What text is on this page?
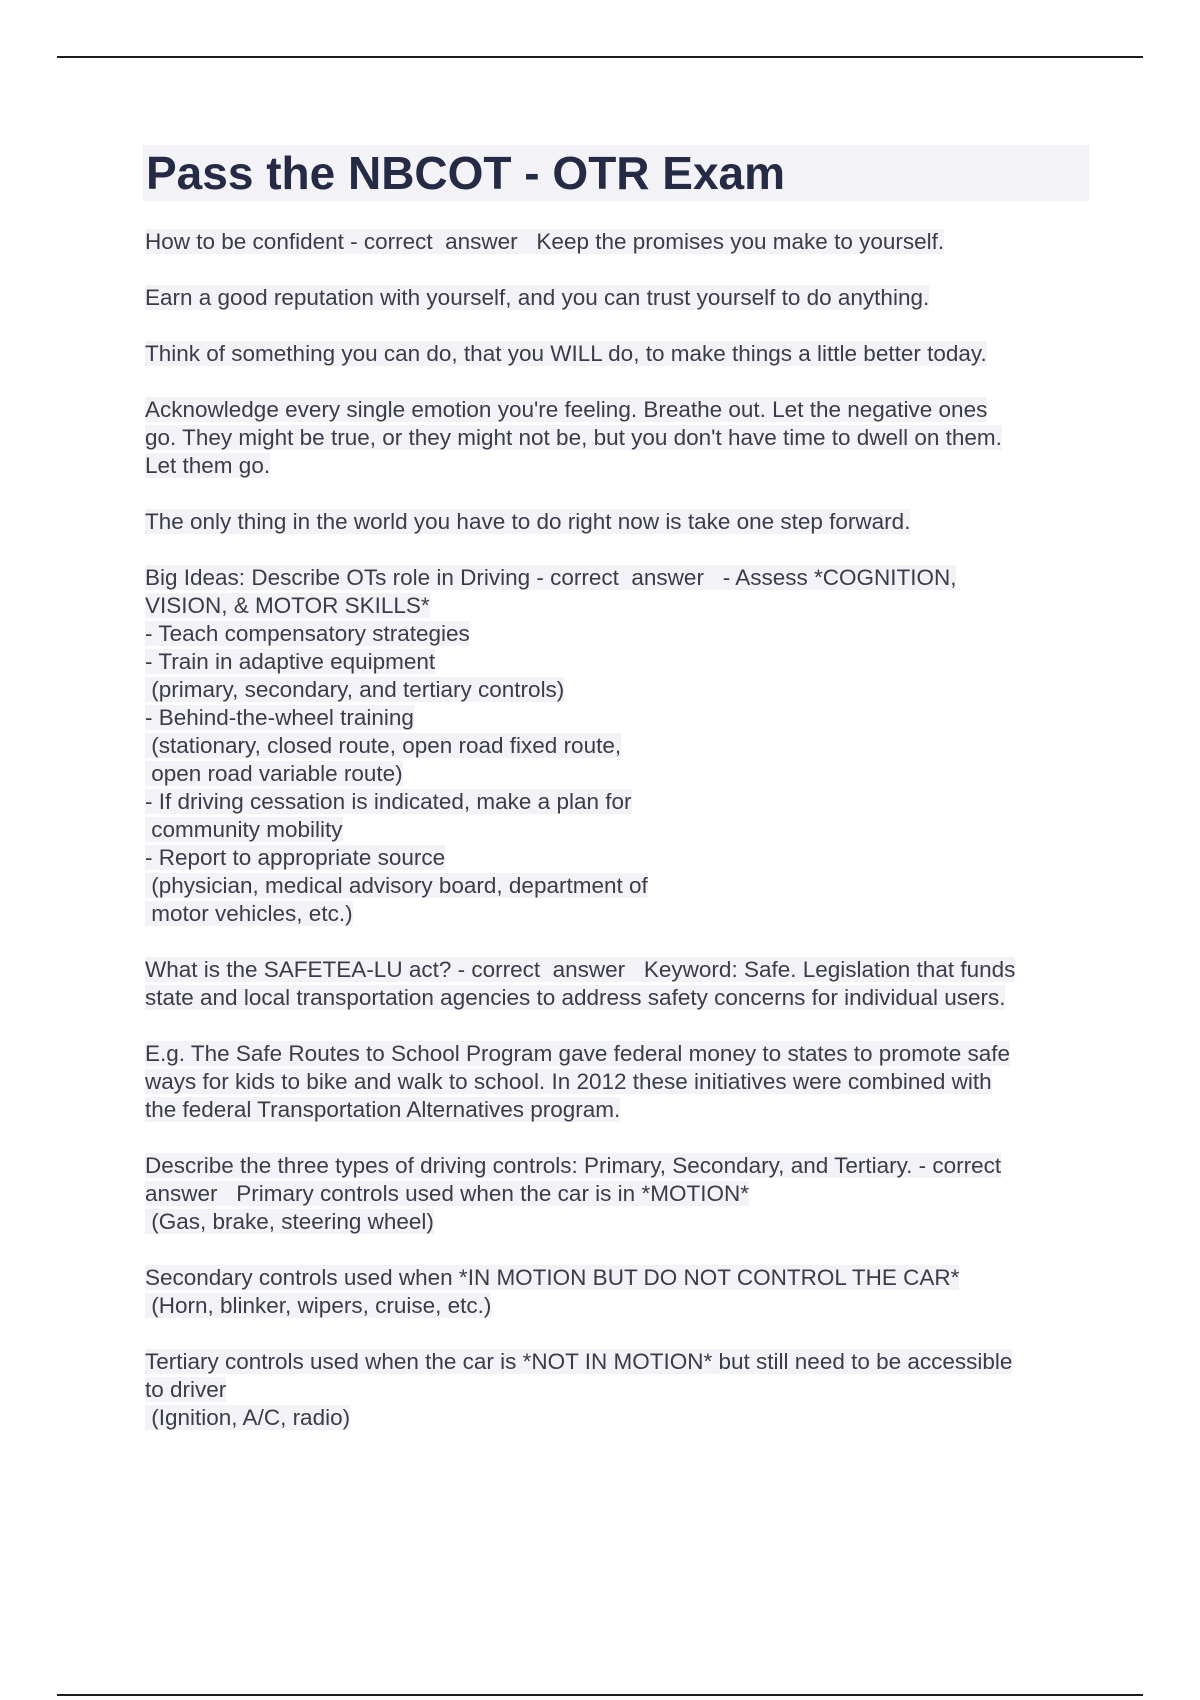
Pass the NBCOT - OTR Exam

How to be confident - correct  answer   Keep the promises you make to yourself.

Earn a good reputation with yourself, and you can trust yourself to do anything.

Think of something you can do, that you WILL do, to make things a little better today.

Acknowledge every single emotion you're feeling. Breathe out. Let the negative ones
go. They might be true, or they might not be, but you don't have time to dwell on them.
Let them go.

The only thing in the world you have to do right now is take one step forward.

Big Ideas: Describe OTs role in Driving - correct  answer   - Assess *COGNITION,
VISION, & MOTOR SKILLS*
- Teach compensatory strategies
- Train in adaptive equipment
(primary, secondary, and tertiary controls)
- Behind-the-wheel training
(stationary, closed route, open road fixed route,
open road variable route)
- If driving cessation is indicated, make a plan for
community mobility
- Report to appropriate source
(physician, medical advisory board, department of
motor vehicles, etc.)

What is the SAFETEA-LU act? - correct  answer   Keyword: Safe. Legislation that funds
state and local transportation agencies to address safety concerns for individual users.

E.g. The Safe Routes to School Program gave federal money to states to promote safe
ways for kids to bike and walk to school. In 2012 these initiatives were combined with
the federal Transportation Alternatives program.

Describe the three types of driving controls: Primary, Secondary, and Tertiary. - correct
answer   Primary controls used when the car is in *MOTION*
(Gas, brake, steering wheel)

Secondary controls used when *IN MOTION BUT DO NOT CONTROL THE CAR*
(Horn, blinker, wipers, cruise, etc.)

Tertiary controls used when the car is *NOT IN MOTION* but still need to be accessible
to driver
(Ignition, A/C, radio)
